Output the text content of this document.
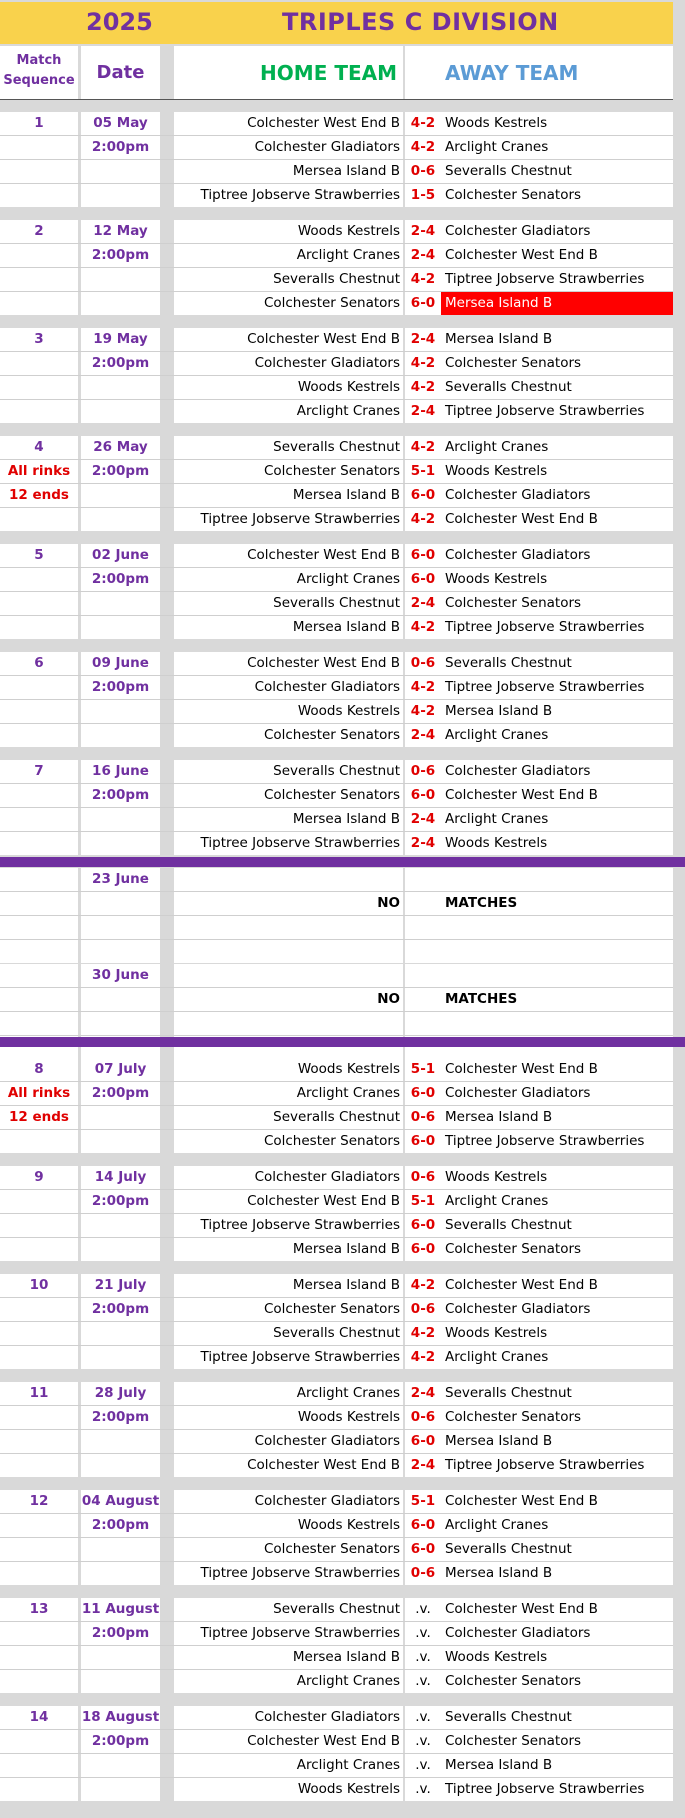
2025	TRIPLES C DIVISION
Match
Sequence	Date	HOME TEAM	AWAY TEAM
1	05 May	Colchester West End B 4-2 Woods Kestrels
2:00pm	Colchester Gladiators 4-2 Arclight Cranes
Mersea Island B 0-6 Severalls Chestnut
Tiptree Jobserve Strawberries 1-5 Colchester Senators
2	12 May	Woods Kestrels 2-4 Colchester Gladiators
2:00pm	Arclight Cranes 2-4 Colchester West End B
Severalls Chestnut 4-2 Tiptree Jobserve Strawberries
Colchester Senators 6-0 Mersea Island B
3	19 May	Colchester West End B 2-4 Mersea Island B
2:00pm	Colchester Gladiators 4-2 Colchester Senators
Woods Kestrels 4-2 Severalls Chestnut
Arclight Cranes 2-4 Tiptree Jobserve Strawberries
4	26 May	Severalls Chestnut 4-2 Arclight Cranes
All rinks	2:00pm	Colchester Senators 5-1 Woods Kestrels
12 ends	Mersea Island B 6-0 Colchester Gladiators
Tiptree Jobserve Strawberries 4-2 Colchester West End B
5	02 June	Colchester West End B 6-0 Colchester Gladiators
2:00pm	Arclight Cranes 6-0 Woods Kestrels
Severalls Chestnut 2-4 Colchester Senators
Mersea Island B 4-2 Tiptree Jobserve Strawberries
6	09 June	Colchester West End B 0-6 Severalls Chestnut
2:00pm	Colchester Gladiators 4-2 Tiptree Jobserve Strawberries
Woods Kestrels 4-2 Mersea Island B
Colchester Senators 2-4 Arclight Cranes
7	16 June	Severalls Chestnut 0-6 Colchester Gladiators
2:00pm	Colchester Senators 6-0 Colchester West End B
Mersea Island B 2-4 Arclight Cranes
Tiptree Jobserve Strawberries 2-4 Woods Kestrels
23 June
NO	MATCHES
30 June
NO	MATCHES
8	07 July	Woods Kestrels 5-1 Colchester West End B
All rinks	2:00pm	Arclight Cranes 6-0 Colchester Gladiators
12 ends	Severalls Chestnut 0-6 Mersea Island B
Colchester Senators 6-0 Tiptree Jobserve Strawberries
9	14 July	Colchester Gladiators 0-6 Woods Kestrels
2:00pm	Colchester West End B 5-1 Arclight Cranes
Tiptree Jobserve Strawberries 6-0 Severalls Chestnut
Mersea Island B 6-0 Colchester Senators
10	21 July	Mersea Island B 4-2 Colchester West End B
2:00pm	Colchester Senators 0-6 Colchester Gladiators
Severalls Chestnut 4-2 Woods Kestrels
Tiptree Jobserve Strawberries 4-2 Arclight Cranes
11	28 July	Arclight Cranes 2-4 Severalls Chestnut
2:00pm	Woods Kestrels 0-6 Colchester Senators
Colchester Gladiators 6-0 Mersea Island B
Colchester West End B 2-4 Tiptree Jobserve Strawberries
12	04 August	Colchester Gladiators 5-1 Colchester West End B
2:00pm	Woods Kestrels 6-0 Arclight Cranes
Colchester Senators 6-0 Severalls Chestnut
Tiptree Jobserve Strawberries 0-6 Mersea Island B
13	11 August	Severalls Chestnut	.v.	Colchester West End B
2:00pm	Tiptree Jobserve Strawberries	.v.	Colchester Gladiators
Mersea Island B	.v.	Woods Kestrels
Arclight Cranes	.v.	Colchester Senators
14	18 August	Colchester Gladiators	.v.	Severalls Chestnut
2:00pm	Colchester West End B	.v.	Colchester Senators
Arclight Cranes	.v.	Mersea Island B
Woods Kestrels	.v.	Tiptree Jobserve Strawberries
